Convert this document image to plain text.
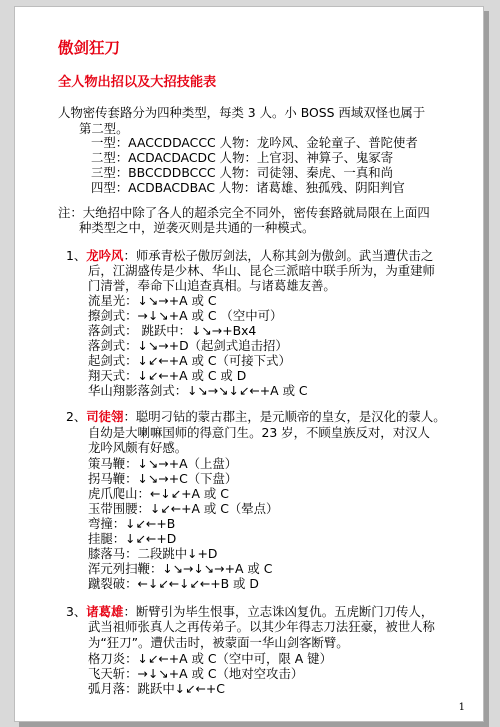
傲剑狂刀
全人物出招以及大招技能表
人物密传套路分为四种类型，每类 3 人。小 BOSS 西域双怪也属于
第二型。
一型：AACCDDACCC 人物：龙吟风、金轮童子、普陀使者
二型：ACDACDACDC 人物：上官羽、神算子、鬼冢寄
三型：BBCCDDBCCC 人物：司徒翎、秦虎、一真和尚
四型：ACDBACDBAC 人物：诸葛雄、独孤残、阴阳判官
注：大绝招中除了各人的超杀完全不同外，密传套路就局限在上面四
种类型之中，逆袭灭则是共通的一种模式。
1、龙吟风：师承青松子傲厉剑法，人称其剑为傲剑。武当遭伏击之
后，江湖盛传是少林、华山、昆仑三派暗中联手所为，为重建师
门清誉，奉命下山追查真相。与诸葛雄友善。
流星光：↓↘→+A 或 C
擦剑式：→↓↘+A 或 C （空中可）
落剑式： 跳跃中：↓↘→+Bx4
落剑式：↓↘→+D（起剑式追击招）
起剑式：↓↙←+A 或 C（可接下式）
翔天式：↓↙←+A 或 C 或 D
华山翔影落剑式：↓↘→↘↓↙←+A 或 C
2、司徒翎：聪明刁钻的蒙古郡主，是元顺帝的皇女，是汉化的蒙人。
自幼是大喇嘛国师的得意门生。23 岁，不顾皇族反对，对汉人
龙吟风颇有好感。
策马鞭：↓↘→+A（上盘）
拐马鞭：↓↘→+C（下盘）
虎爪爬山：←↓↙+A 或 C
玉带围腰：↓↙←+A 或 C（晕点）
弯撞：↓↙←+B
挂腿：↓↙←+D
膝落马：二段跳中↓+D
浑元列扫鞭：↓↘→↓↘→+A 或 C
蹴裂破：←↓↙←↓↙←+B 或 D
3、诸葛雄：断臂引为毕生恨事，立志诛凶复仇。五虎断门刀传人，
武当祖师张真人之再传弟子。以其少年得志刀法狂豪，被世人称
为“狂刀”。遭伏击时，被蒙面一华山剑客断臂。
格刀炎：↓↙←+A 或 C（空中可，限 A 键）
飞天斩：→↓↘+A 或 C（地对空攻击）
弧月落：跳跃中↓↙←+C
1
